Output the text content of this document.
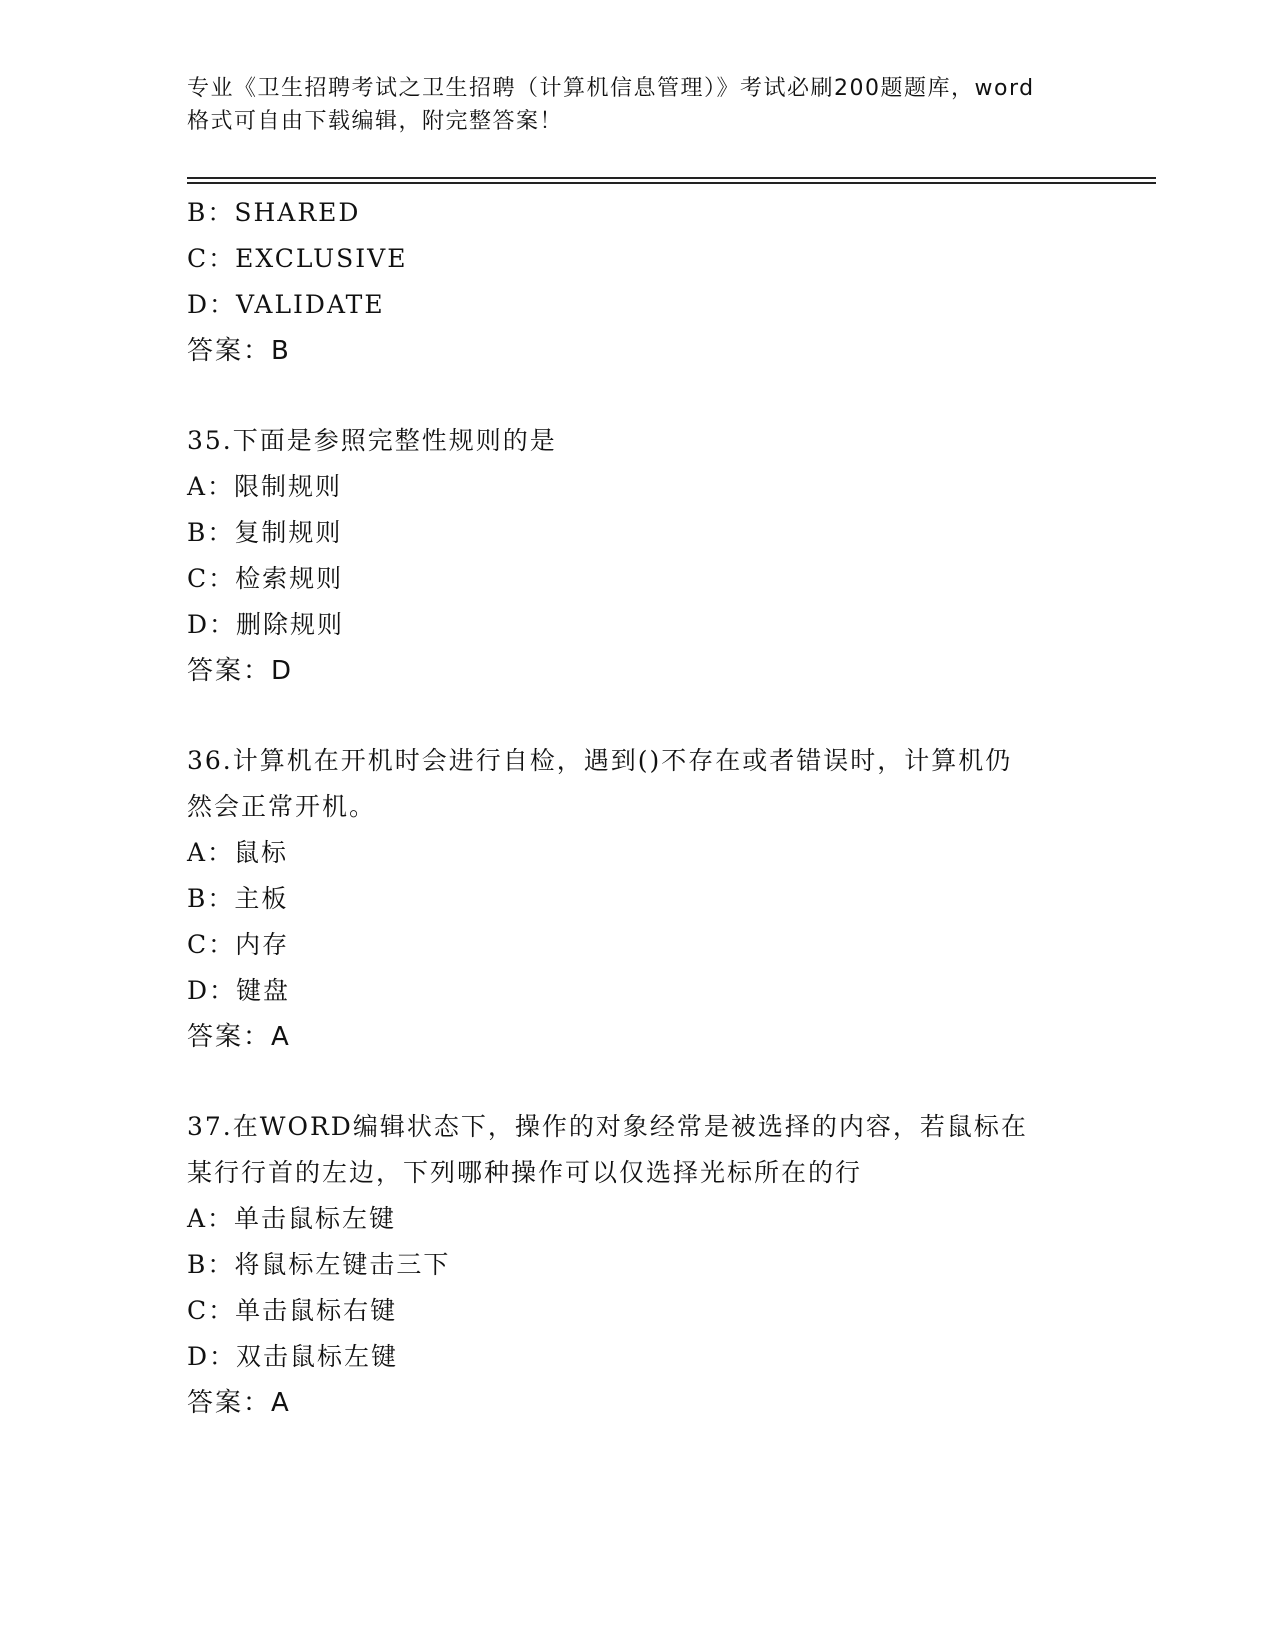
专业《卫生招聘考试之卫生招聘（计算机信息管理）》考试必刷200题题库，word
格式可自由下载编辑，附完整答案！
B：SHARED
C：EXCLUSIVE
D：VALIDATE
答案：B
35.下面是参照完整性规则的是
A：限制规则
B：复制规则
C：检索规则
D：删除规则
答案：D
36.计算机在开机时会进行自检，遇到()不存在或者错误时，计算机仍
然会正常开机。
A：鼠标
B：主板
C：内存
D：键盘
答案：A
37.在WORD编辑状态下，操作的对象经常是被选择的内容，若鼠标在
某行行首的左边，下列哪种操作可以仅选择光标所在的行
A：单击鼠标左键
B：将鼠标左键击三下
C：单击鼠标右键
D：双击鼠标左键
答案：A
